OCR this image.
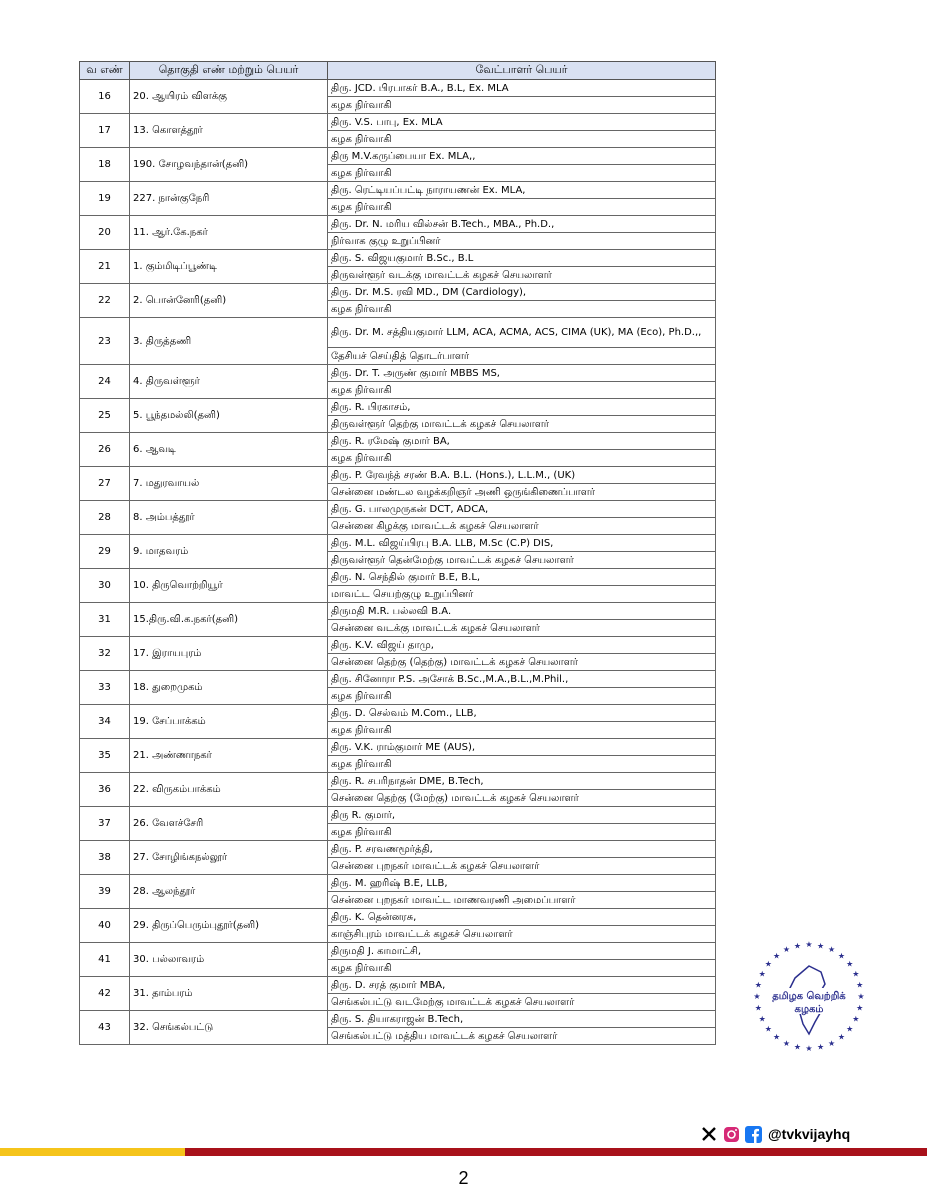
வ எண்	தொகுதி எண் மற்றும் பெயர்	வேட்பாளர் பெயர்
16	20. ஆயிரம் விளக்கு	திரு. JCD. பிரபாகர் B.A., B.L, Ex. MLA
		கழக நிர்வாகி
17	13. கொளத்தூர்	திரு. V.S. பாபு, Ex. MLA
		கழக நிர்வாகி
18	190. சோழவந்தான்(தனி)	திரு M.V.கருப்பையா Ex. MLA,,
		கழக நிர்வாகி
19	227. நான்குநேரி	திரு. ரெட்டியப்பட்டி நாராயணன் Ex. MLA,
		கழக நிர்வாகி
20	11. ஆர்.கே.நகர்	திரு. Dr. N. மரிய வில்சன் B.Tech., MBA., Ph.D.,
		நிர்வாக குழு உறுப்பினர்
21	1. கும்மிடிப்பூண்டி	திரு. S. விஜயகுமார் B.Sc., B.L
		திருவள்ளூர் வடக்கு மாவட்டக் கழகச் செயலாளர்
22	2. பொன்னேரி(தனி)	திரு. Dr. M.S. ரவி MD., DM (Cardiology),
		கழக நிர்வாகி
23	3. திருத்தணி	திரு. Dr. M. சத்தியகுமார் LLM, ACA, ACMA, ACS, CIMA (UK), MA (Eco), Ph.D.,,
		தேசியச் செய்தித் தொடர்பாளர்
24	4. திருவள்ளூர்	திரு. Dr. T. அருண் குமார் MBBS MS,
		கழக நிர்வாகி
25	5. பூந்தமல்லி(தனி)	திரு. R. பிரகாசம்,
		திருவள்ளூர் தெற்கு மாவட்டக் கழகச் செயலாளர்
26	6. ஆவடி	திரு. R. ரமேஷ் குமார் BA,
		கழக நிர்வாகி
27	7. மதுரவாயல்	திரு. P. ரேவந்த் சரண் B.A. B.L. (Hons.), L.L.M., (UK)
		சென்னை மண்டல வழக்கறிஞர் அணி ஒருங்கிணைப்பாளர்
28	8. அம்பத்தூர்	திரு. G. பாலமுருகன் DCT, ADCA,
		சென்னை கிழக்கு மாவட்டக் கழகச் செயலாளர்
29	9. மாதவரம்	திரு. M.L. விஜய்பிரபு B.A. LLB, M.Sc (C.P) DIS,
		திருவள்ளூர் தென்மேற்கு மாவட்டக் கழகச் செயலாளர்
30	10. திருவொற்றியூர்	திரு. N. செந்தில் குமார் B.E, B.L,
		மாவட்ட செயற்குழு உறுப்பினர்
31	15.திரு.வி.க.நகர்(தனி)	திருமதி M.R. பல்லவி B.A.
		சென்னை வடக்கு மாவட்டக் கழகச் செயலாளர்
32	17. இராயபுரம்	திரு. K.V. விஜய் தாமு,
		சென்னை தெற்கு (தெற்கு) மாவட்டக் கழகச் செயலாளர்
33	18. துறைமுகம்	திரு. சினோரா P.S. அசோக் B.Sc.,M.A.,B.L.,M.Phil.,
		கழக நிர்வாகி
34	19. சேப்பாக்கம்	திரு. D. செல்வம் M.Com., LLB,
		கழக நிர்வாகி
35	21. அண்ணாநகர்	திரு. V.K. ராம்குமார் ME (AUS),
		கழக நிர்வாகி
36	22. விருகம்பாக்கம்	திரு. R. சபரிநாதன் DME, B.Tech,
		சென்னை தெற்கு (மேற்கு) மாவட்டக் கழகச் செயலாளர்
37	26. வேளச்சேரி	திரு R. குமார்,
		கழக நிர்வாகி
38	27. சோழிங்கநல்லூர்	திரு. P. சரவணமூர்த்தி,
		சென்னை புறநகர் மாவட்டக் கழகச் செயலாளர்
39	28. ஆலந்தூர்	திரு. M. ஹரிஷ் B.E, LLB,
		சென்னை புறநகர் மாவட்ட மாணவரணி அமைப்பாளர்
40	29. திருப்பெரும்புதூர்(தனி)	திரு. K. தென்னரசு,
		காஞ்சிபுரம் மாவட்டக் கழகச் செயலாளர்
41	30. பல்லாவரம்	திருமதி J. காமாட்சி,
		கழக நிர்வாகி
42	31. தாம்பரம்	திரு. D. சரத் குமார் MBA,
		செங்கல்பட்டு வடமேற்கு மாவட்டக் கழகச் செயலாளர்
43	32. செங்கல்பட்டு	திரு. S. தியாகராஜன் B.Tech,
		செங்கல்பட்டு மத்திய மாவட்டக் கழகச் செயலாளர்
★
★
★
★
★
★
★
★
★
★
★
★
★
★
★
★
★
★
★
★ ★ ★ ★ ★
★
★
★
★
தமிழக வெற்றிக்
கழகம்
@tvkvijayhq
2
